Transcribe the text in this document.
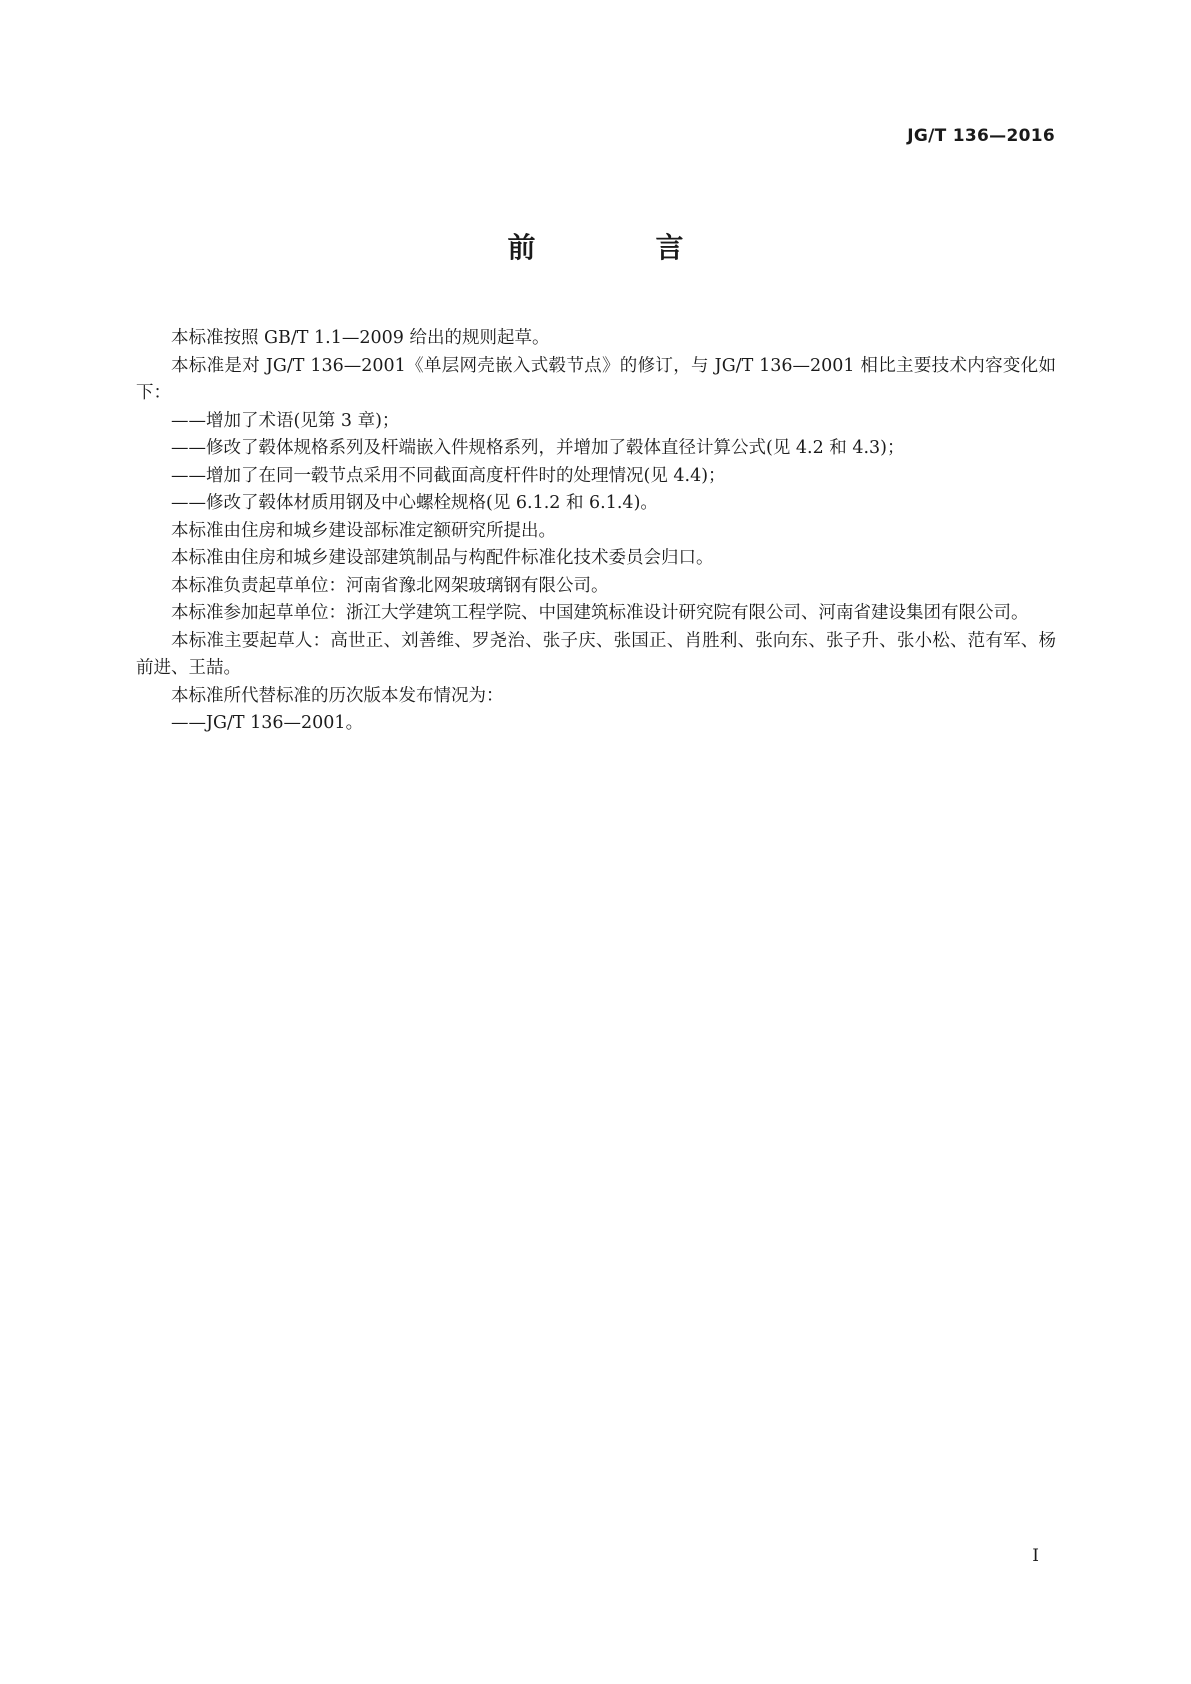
JG/T 136—2016
前　言

本标准按照 GB/T 1.1—2009 给出的规则起草。

本标准是对 JG/T 136—2001《单层网壳嵌入式毂节点》的修订，与 JG/T 136—2001 相比主要技术内容变化如下：

——增加了术语(见第 3 章)；

——修改了毂体规格系列及杆端嵌入件规格系列，并增加了毂体直径计算公式(见 4.2 和 4.3)；

——增加了在同一毂节点采用不同截面高度杆件时的处理情况(见 4.4)；

——修改了毂体材质用钢及中心螺栓规格(见 6.1.2 和 6.1.4)。

本标准由住房和城乡建设部标准定额研究所提出。

本标准由住房和城乡建设部建筑制品与构配件标准化技术委员会归口。

本标准负责起草单位：河南省豫北网架玻璃钢有限公司。

本标准参加起草单位：浙江大学建筑工程学院、中国建筑标准设计研究院有限公司、河南省建设集团有限公司。

本标准主要起草人：高世正、刘善维、罗尧治、张子庆、张国正、肖胜利、张向东、张子升、张小松、范有军、杨前进、王喆。

本标准所代替标准的历次版本发布情况为：

——JG/T 136—2001。

I
